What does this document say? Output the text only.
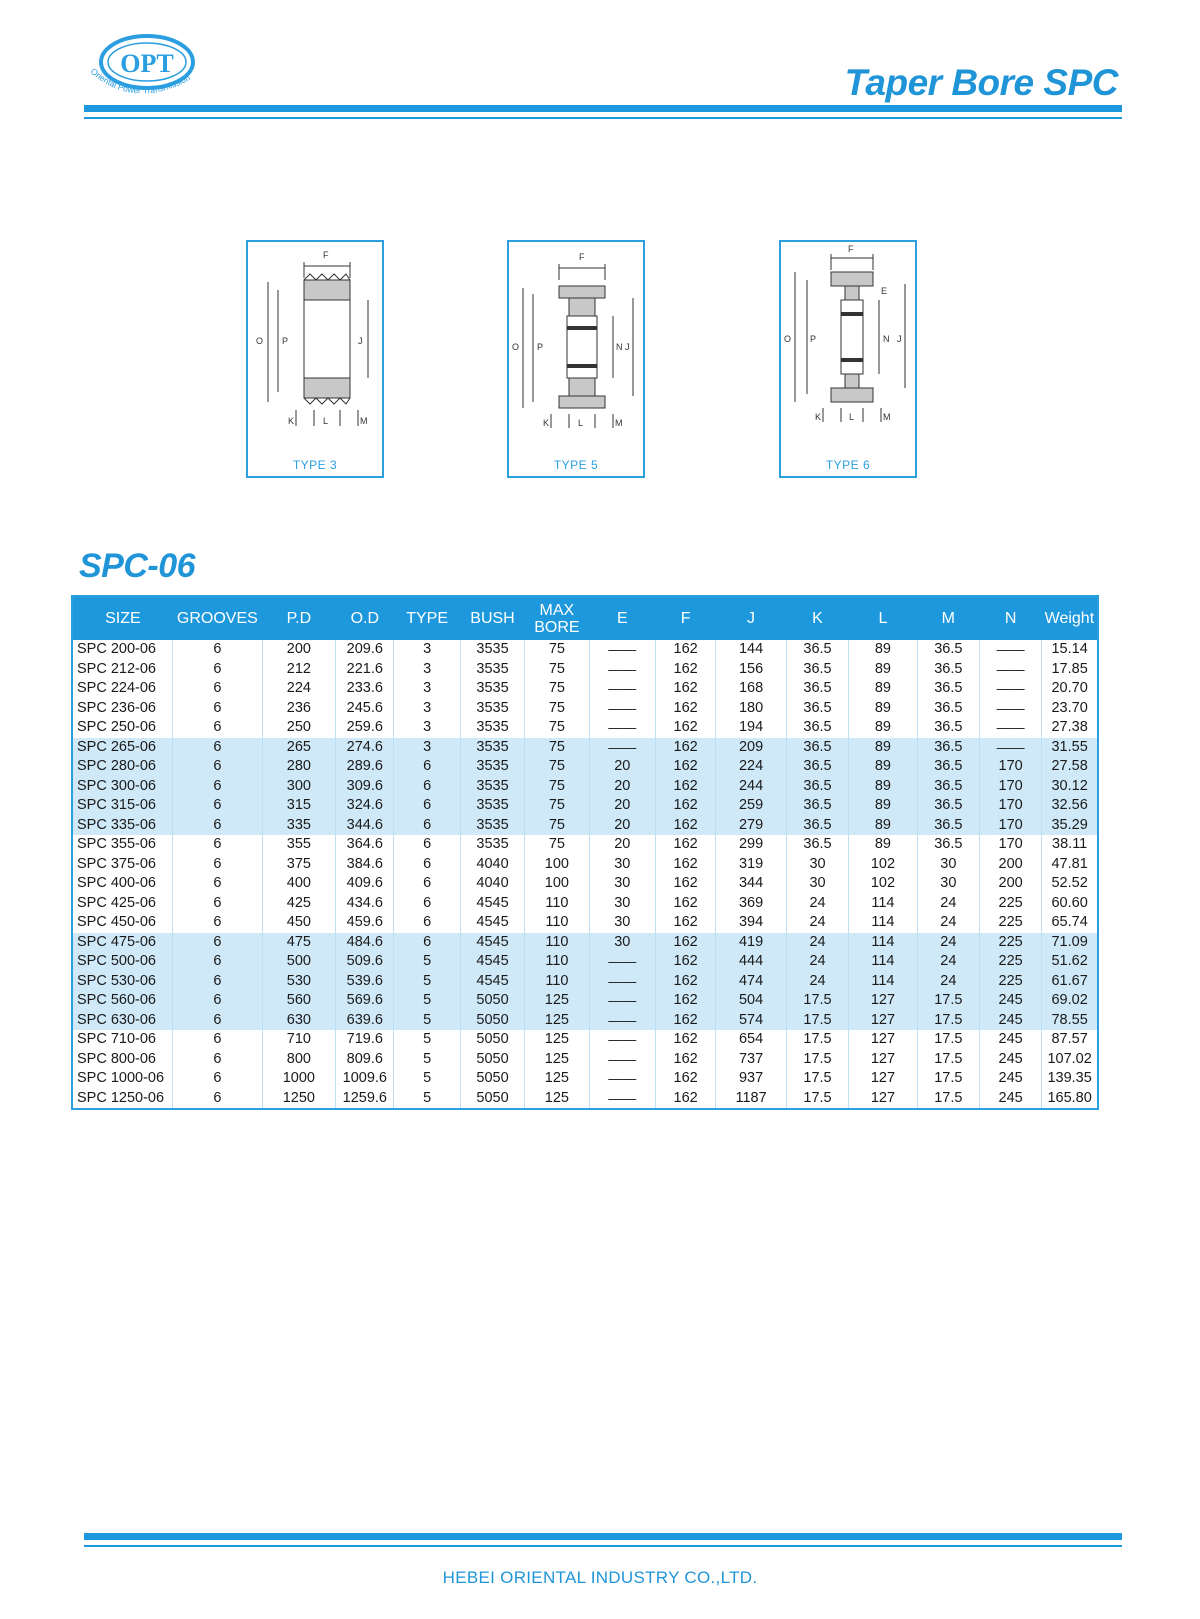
OPT
Oriental Power Transmission	Taper Bore SPC
F
O P	J
K	L	M
TYPE 3
F
O P	N J
K	L	M
TYPE 5
F
E
O P	N J
K	L	M
TYPE 6
SPC-06
SIZE	GROOVES	P.D	O.D	TYPE	BUSH	MAX BORE	E	F	J	K	L	M	N	Weight
SPC 200-06	6	200	209.6	3	3535	75	——	162	144	36.5	89	36.5	——	15.14
SPC 212-06	6	212	221.6	3	3535	75	——	162	156	36.5	89	36.5	——	17.85
SPC 224-06	6	224	233.6	3	3535	75	——	162	168	36.5	89	36.5	——	20.70
SPC 236-06	6	236	245.6	3	3535	75	——	162	180	36.5	89	36.5	——	23.70
SPC 250-06	6	250	259.6	3	3535	75	——	162	194	36.5	89	36.5	——	27.38
SPC 265-06	6	265	274.6	3	3535	75	——	162	209	36.5	89	36.5	——	31.55
SPC 280-06	6	280	289.6	6	3535	75	20	162	224	36.5	89	36.5	170	27.58
SPC 300-06	6	300	309.6	6	3535	75	20	162	244	36.5	89	36.5	170	30.12
SPC 315-06	6	315	324.6	6	3535	75	20	162	259	36.5	89	36.5	170	32.56
SPC 335-06	6	335	344.6	6	3535	75	20	162	279	36.5	89	36.5	170	35.29
SPC 355-06	6	355	364.6	6	3535	75	20	162	299	36.5	89	36.5	170	38.11
SPC 375-06	6	375	384.6	6	4040	100	30	162	319	30	102	30	200	47.81
SPC 400-06	6	400	409.6	6	4040	100	30	162	344	30	102	30	200	52.52
SPC 425-06	6	425	434.6	6	4545	110	30	162	369	24	114	24	225	60.60
SPC 450-06	6	450	459.6	6	4545	110	30	162	394	24	114	24	225	65.74
SPC 475-06	6	475	484.6	6	4545	110	30	162	419	24	114	24	225	71.09
SPC 500-06	6	500	509.6	5	4545	110	——	162	444	24	114	24	225	51.62
SPC 530-06	6	530	539.6	5	4545	110	——	162	474	24	114	24	225	61.67
SPC 560-06	6	560	569.6	5	5050	125	——	162	504	17.5	127	17.5	245	69.02
SPC 630-06	6	630	639.6	5	5050	125	——	162	574	17.5	127	17.5	245	78.55
SPC 710-06	6	710	719.6	5	5050	125	——	162	654	17.5	127	17.5	245	87.57
SPC 800-06	6	800	809.6	5	5050	125	——	162	737	17.5	127	17.5	245	107.02
SPC 1000-06	6	1000	1009.6	5	5050	125	——	162	937	17.5	127	17.5	245	139.35
SPC 1250-06	6	1250	1259.6	5	5050	125	——	162	1187	17.5	127	17.5	245	165.80
HEBEI ORIENTAL INDUSTRY CO.,LTD.
